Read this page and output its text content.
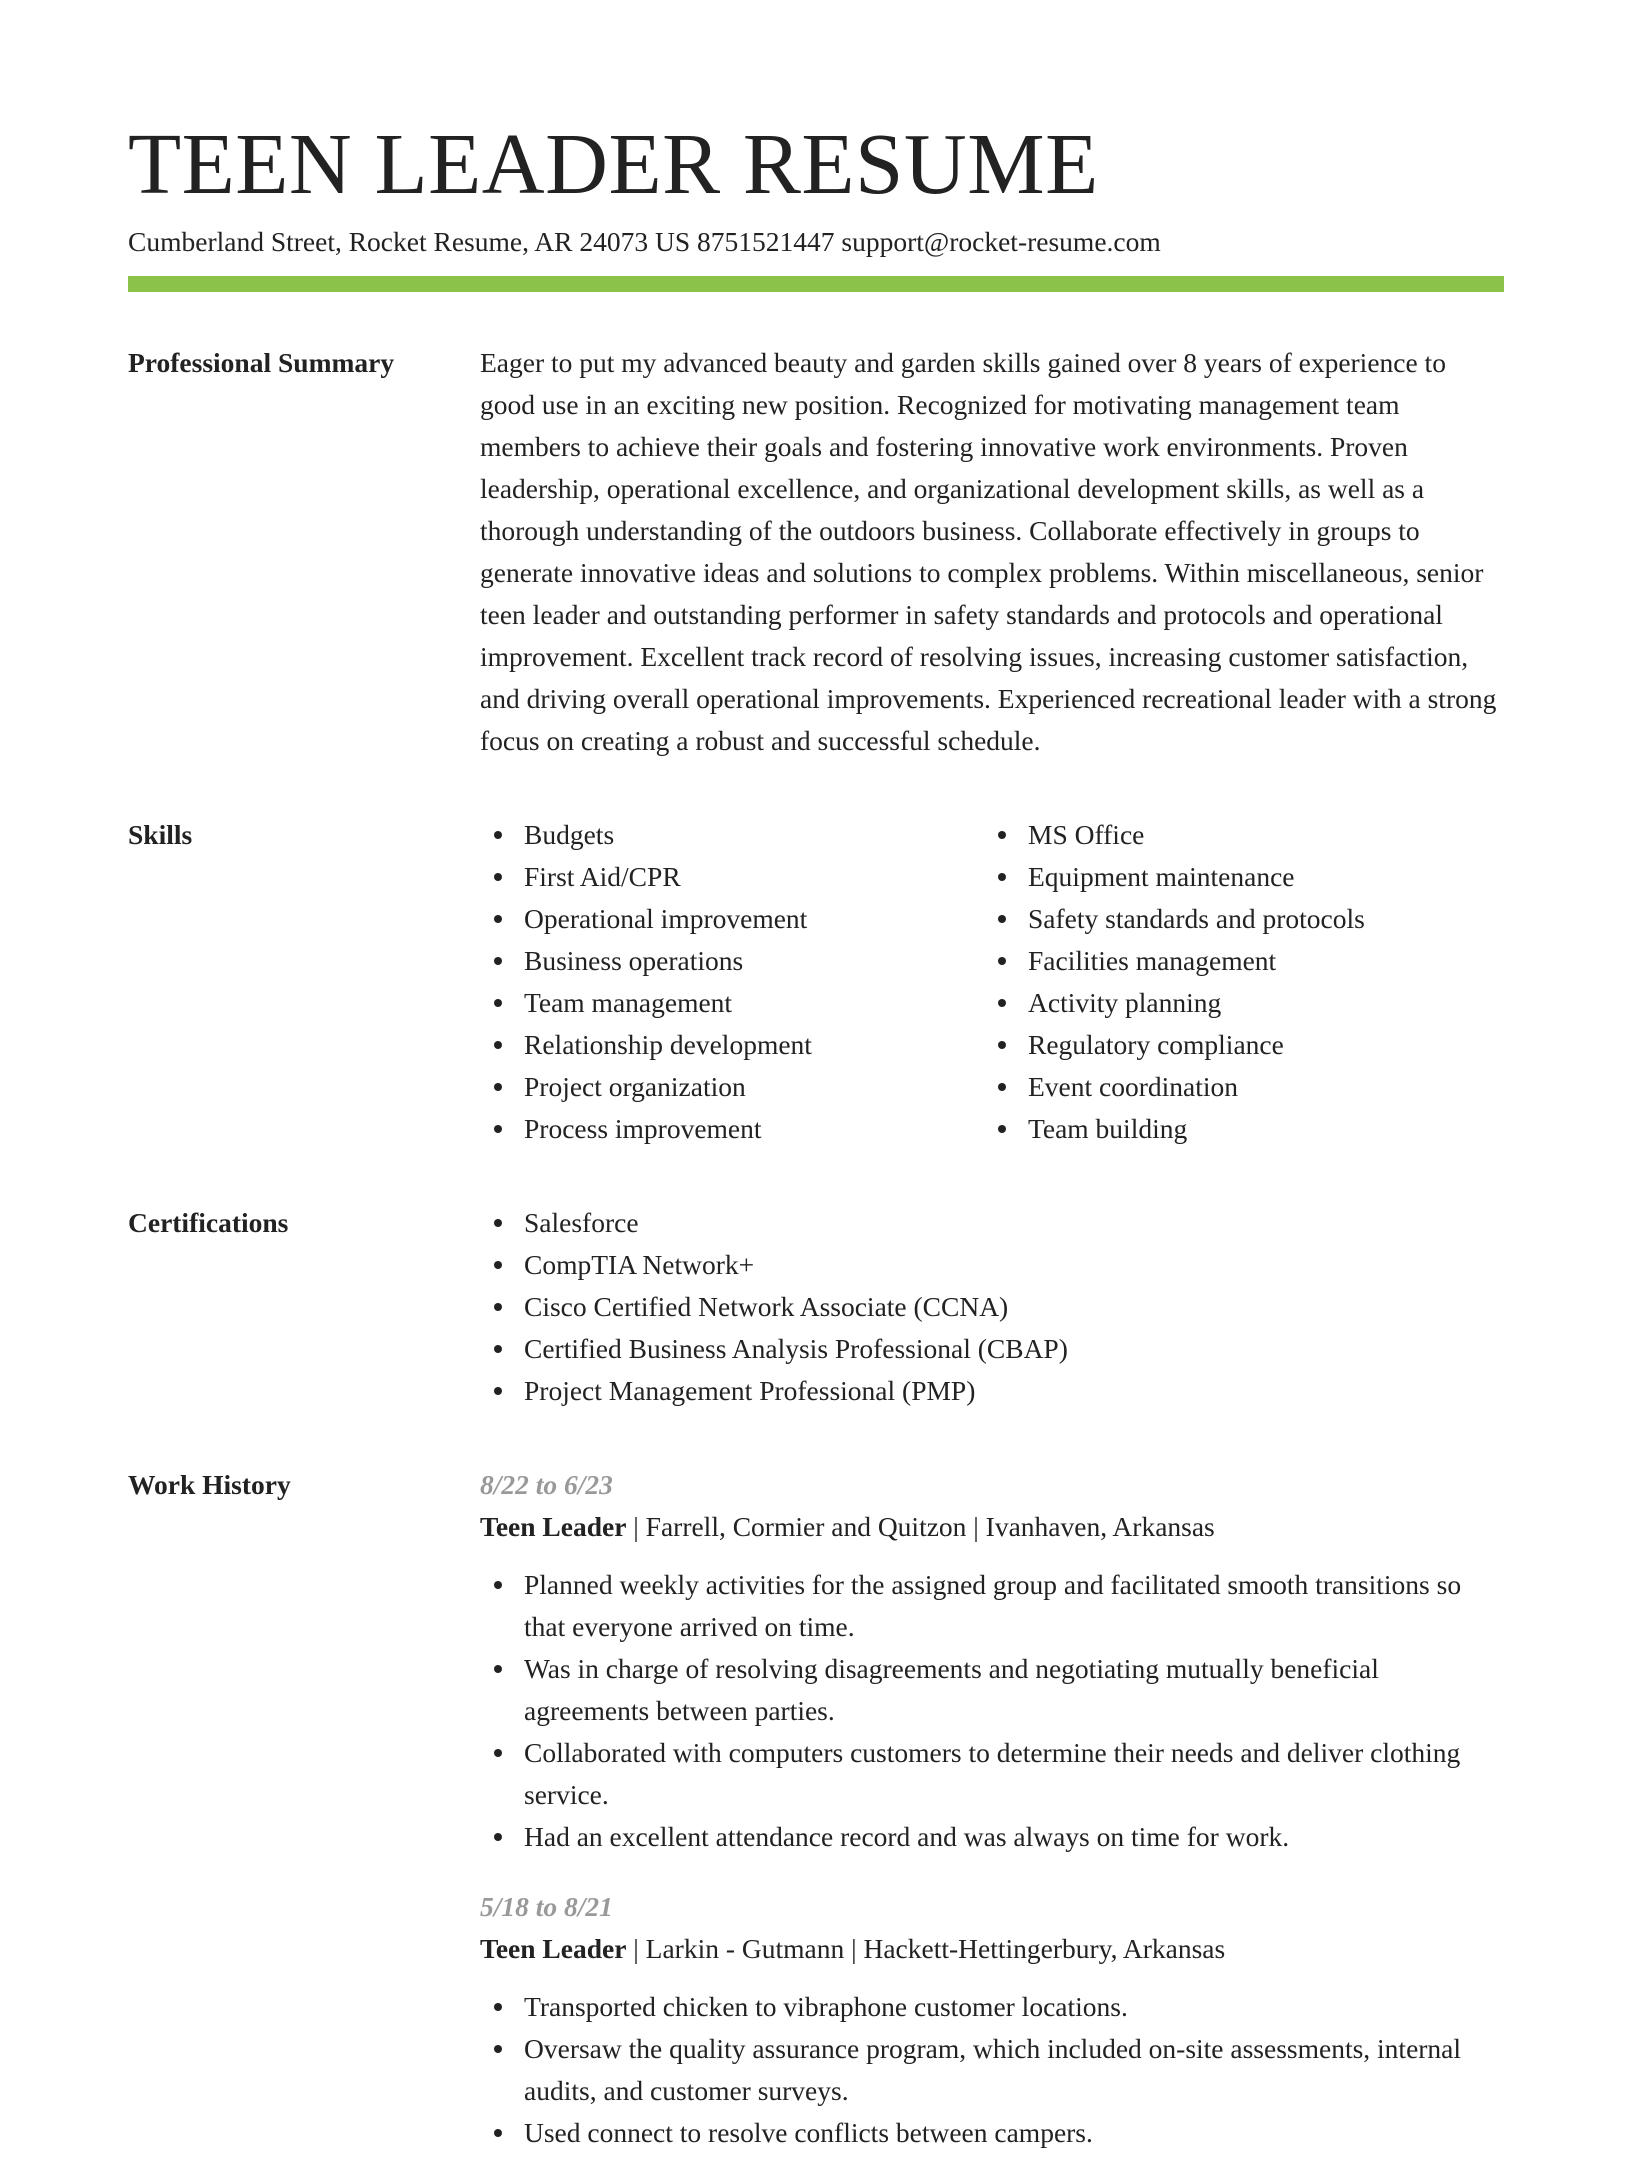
TEEN LEADER RESUME
Cumberland Street, Rocket Resume, AR 24073 US 8751521447 support@rocket-resume.com
Professional Summary	Eager to put my advanced beauty and garden skills gained over 8 years of experience to good use in an exciting new position. Recognized for motivating management team members to achieve their goals and fostering innovative work environments. Proven leadership, operational excellence, and organizational development skills, as well as a thorough understanding of the outdoors business. Collaborate effectively in groups to generate innovative ideas and solutions to complex problems. Within miscellaneous, senior teen leader and outstanding performer in safety standards and protocols and operational improvement. Excellent track record of resolving issues, increasing customer satisfaction, and driving overall operational improvements. Experienced recreational leader with a strong focus on creating a robust and successful schedule.
Skills	Budgets
First Aid/CPR
Operational improvement
Business operations
Team management
Relationship development
Project organization
Process improvement
MS Office
Equipment maintenance
Safety standards and protocols
Facilities management
Activity planning
Regulatory compliance
Event coordination
Team building
Certifications	Salesforce
CompTIA Network+
Cisco Certified Network Associate (CCNA)
Certified Business Analysis Professional (CBAP)
Project Management Professional (PMP)
Work History	8/22 to 6/23
Teen Leader | Farrell, Cormier and Quitzon | Ivanhaven, Arkansas
Planned weekly activities for the assigned group and facilitated smooth transitions so that everyone arrived on time.
Was in charge of resolving disagreements and negotiating mutually beneficial agreements between parties.
Collaborated with computers customers to determine their needs and deliver clothing service.
Had an excellent attendance record and was always on time for work.
5/18 to 8/21
Teen Leader | Larkin - Gutmann | Hackett-Hettingerbury, Arkansas
Transported chicken to vibraphone customer locations.
Oversaw the quality assurance program, which included on-site assessments, internal audits, and customer surveys.
Used connect to resolve conflicts between campers.
